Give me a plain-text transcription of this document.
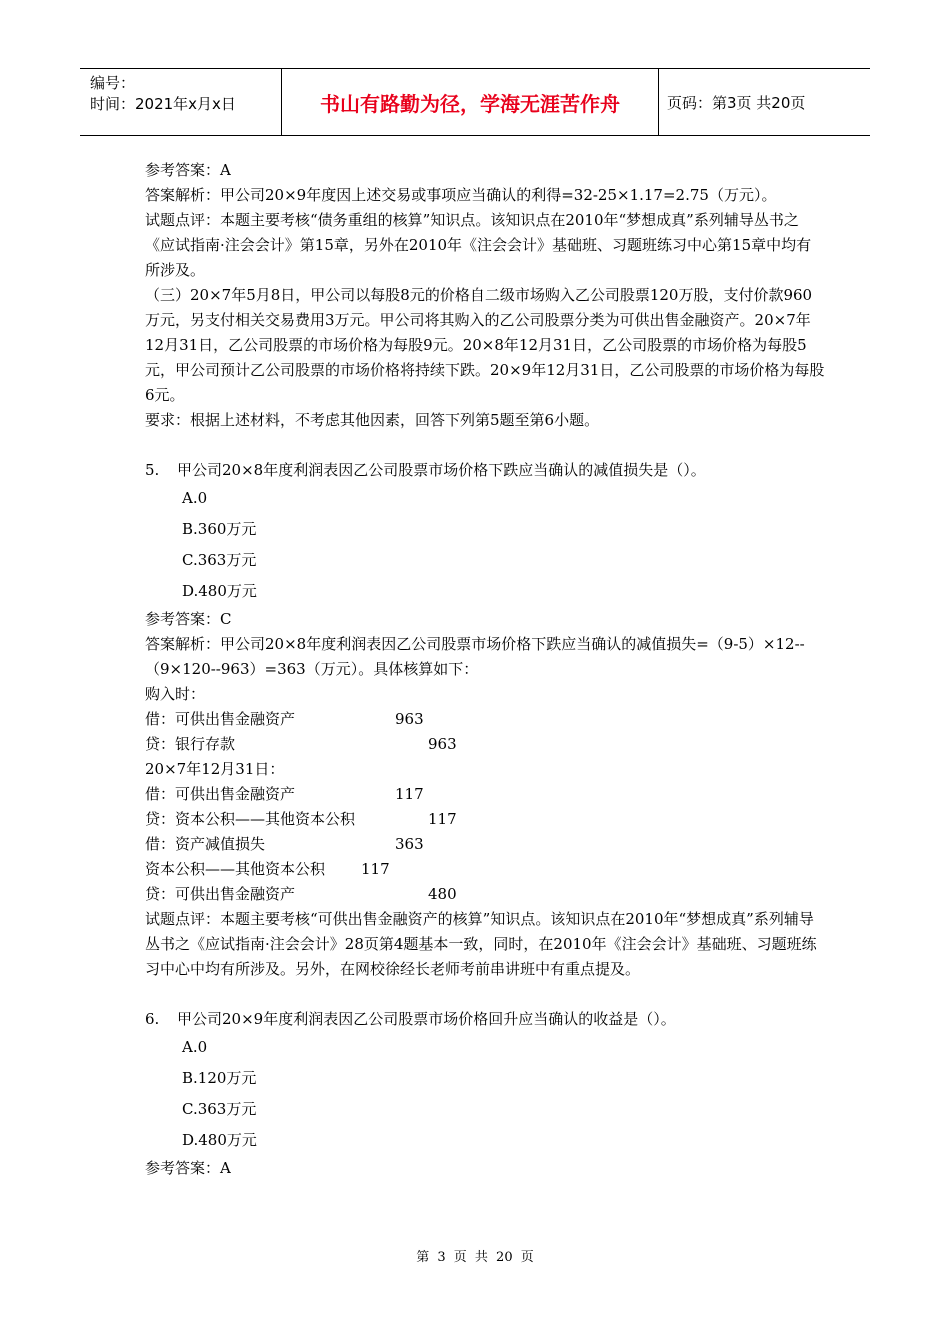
编号：
时间：2021年x月x日	书山有路勤为径，学海无涯苦作舟	页码：第3页 共20页

参考答案：A

答案解析：甲公司20×9年度因上述交易或事项应当确认的利得=32-25×1.17=2.75（万元）。

试题点评：本题主要考核“债务重组的核算”知识点。该知识点在2010年“梦想成真”系列辅导丛书之《应试指南·注会会计》第15章，另外在2010年《注会会计》基础班、习题班练习中心第15章中均有所涉及。

（三）20×7年5月8日，甲公司以每股8元的价格自二级市场购入乙公司股票120万股，支付价款960万元，另支付相关交易费用3万元。甲公司将其购入的乙公司股票分类为可供出售金融资产。20×7年12月31日，乙公司股票的市场价格为每股9元。20×8年12月31日，乙公司股票的市场价格为每股5元，甲公司预计乙公司股票的市场价格将持续下跌。20×9年12月31日，乙公司股票的市场价格为每股6元。

要求：根据上述材料，不考虑其他因素，回答下列第5题至第6小题。

5.	甲公司20×8年度利润表因乙公司股票市场价格下跌应当确认的减值损失是（）。
A.0
B.360万元
C.363万元
D.480万元

参考答案：C

答案解析：甲公司20×8年度利润表因乙公司股票市场价格下跌应当确认的减值损失=（9-5）×12--（9×120--963）=363（万元）。具体核算如下：

购入时：

借：可供出售金融资产	963
贷：银行存款	963

20×7年12月31日：

借：可供出售金融资产	117
贷：资本公积——其他资本公积	117
借：资产减值损失	363
资本公积——其他资本公积 117
贷：可供出售金融资产	480

试题点评：本题主要考核“可供出售金融资产的核算”知识点。该知识点在2010年“梦想成真”系列辅导丛书之《应试指南·注会会计》28页第4题基本一致，同时，在2010年《注会会计》基础班、习题班练习中心中均有所涉及。另外，在网校徐经长老师考前串讲班中有重点提及。

6.	甲公司20×9年度利润表因乙公司股票市场价格回升应当确认的收益是（）。
A.0
B.120万元
C.363万元
D.480万元

参考答案：A

第 3 页 共 20 页
